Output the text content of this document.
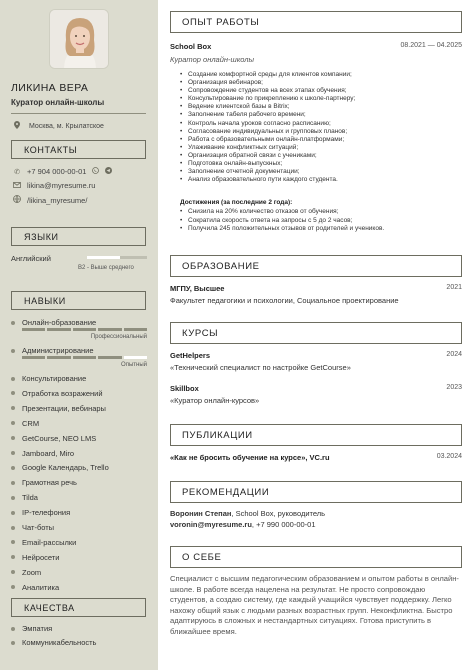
ЛИКИНА ВЕРА
Куратор онлайн-школы
Москва, м. Крылатское
КОНТАКТЫ
✆ +7 904 000-00-01
likina@myresume.ru
/likina_myresume/
ЯЗЫКИ
Английский
B2 - Выше среднего
НАВЫКИ
Онлайн-образование
Профессиональный
Администрирование
Опытный
Консультирование
Отработка возражений
Презентации, вебинары
CRM
GetCourse, NEO LMS
Jamboard, Miro
Google Календарь, Trello
Грамотная речь
Tilda
IP-телефония
Чат-боты
Email-рассылки
Нейросети
Zoom
Аналитика
КАЧЕСТВА
Эмпатия
Коммуникабельность
ОПЫТ РАБОТЫ
School Box	08.2021 — 04.2025
Куратор онлайн-школы
• Создание комфортной среды для клиентов компании;
• Организация вебинаров;
• Сопровождение студентов на всех этапах обучения;
• Консультирование по прикреплению к школе-партнеру;
• Ведение клиентской базы в Bitrix;
• Заполнение табеля рабочего времени;
• Контроль начала уроков согласно расписанию;
• Согласование индивидуальных и групповых планов;
• Работа с образовательными онлайн-платформами;
• Улаживание конфликтных ситуаций;
• Организация обратной связи с учениками;
• Подготовка онлайн-выпускных;
• Заполнение отчетной документации;
• Анализ образовательного пути каждого студента.
Достижения (за последние 2 года):
• Снизила на 20% количество отказов от обучения;
• Сократила скорость ответа на запросы с 5 до 2 часов;
• Получила 245 положительных отзывов от родителей и учеников.
ОБРАЗОВАНИЕ
МГПУ, Высшее	2021
Факультет педагогики и психологии, Социальное проектирование
КУРСЫ
GetHelpers	2024
«Технический специалист по настройке GetCourse»
Skillbox	2023
«Куратор онлайн-курсов»
ПУБЛИКАЦИИ
«Как не бросить обучение на курсе», VC.ru	03.2024
РЕКОМЕНДАЦИИ
Воронин Степан, School Box, руководитель
voronin@myresume.ru, +7 990 000-00-01
О СЕБЕ
Специалист с высшим педагогическим образованием и опытом работы в онлайн-школе. В работе всегда нацелена на результат. Не просто сопровождаю студентов, а создаю систему, где каждый учащийся чувствует поддержку. Легко нахожу общий язык с людьми разных возрастных групп. Неконфликтна. Быстро адаптируюсь в сложных и нестандартных ситуациях. Готова приступить в ближайшее время.
